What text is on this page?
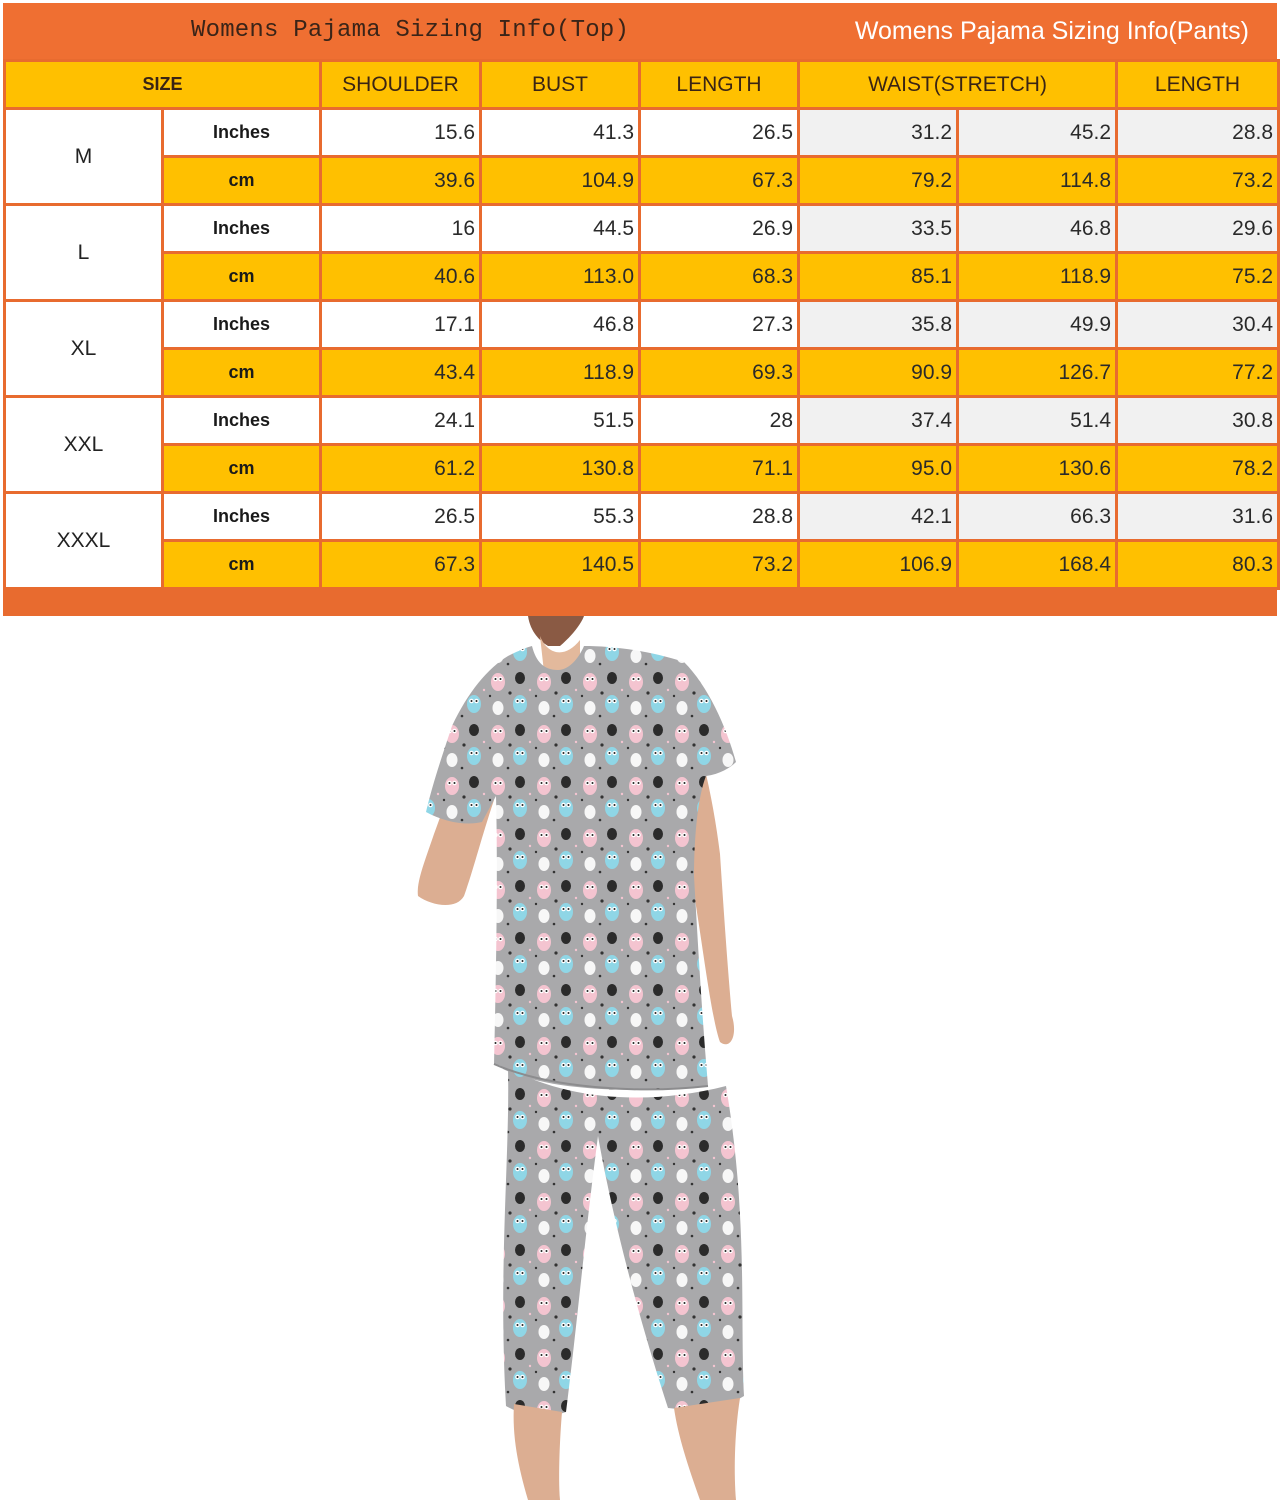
Womens Pajama Sizing Info(Top)	Womens Pajama Sizing Info(Pants)
SIZE		SHOULDER	BUST	LENGTH	WAIST(STRETCH)		LENGTH
M	Inches	15.6	41.3	26.5	31.2	45.2	28.8
	cm	39.6	104.9	67.3	79.2	114.8	73.2
L	Inches	16	44.5	26.9	33.5	46.8	29.6
	cm	40.6	113.0	68.3	85.1	118.9	75.2
XL	Inches	17.1	46.8	27.3	35.8	49.9	30.4
	cm	43.4	118.9	69.3	90.9	126.7	77.2
XXL	Inches	24.1	51.5	28	37.4	51.4	30.8
	cm	61.2	130.8	71.1	95.0	130.6	78.2
XXXL	Inches	26.5	55.3	28.8	42.1	66.3	31.6
	cm	67.3	140.5	73.2	106.9	168.4	80.3
